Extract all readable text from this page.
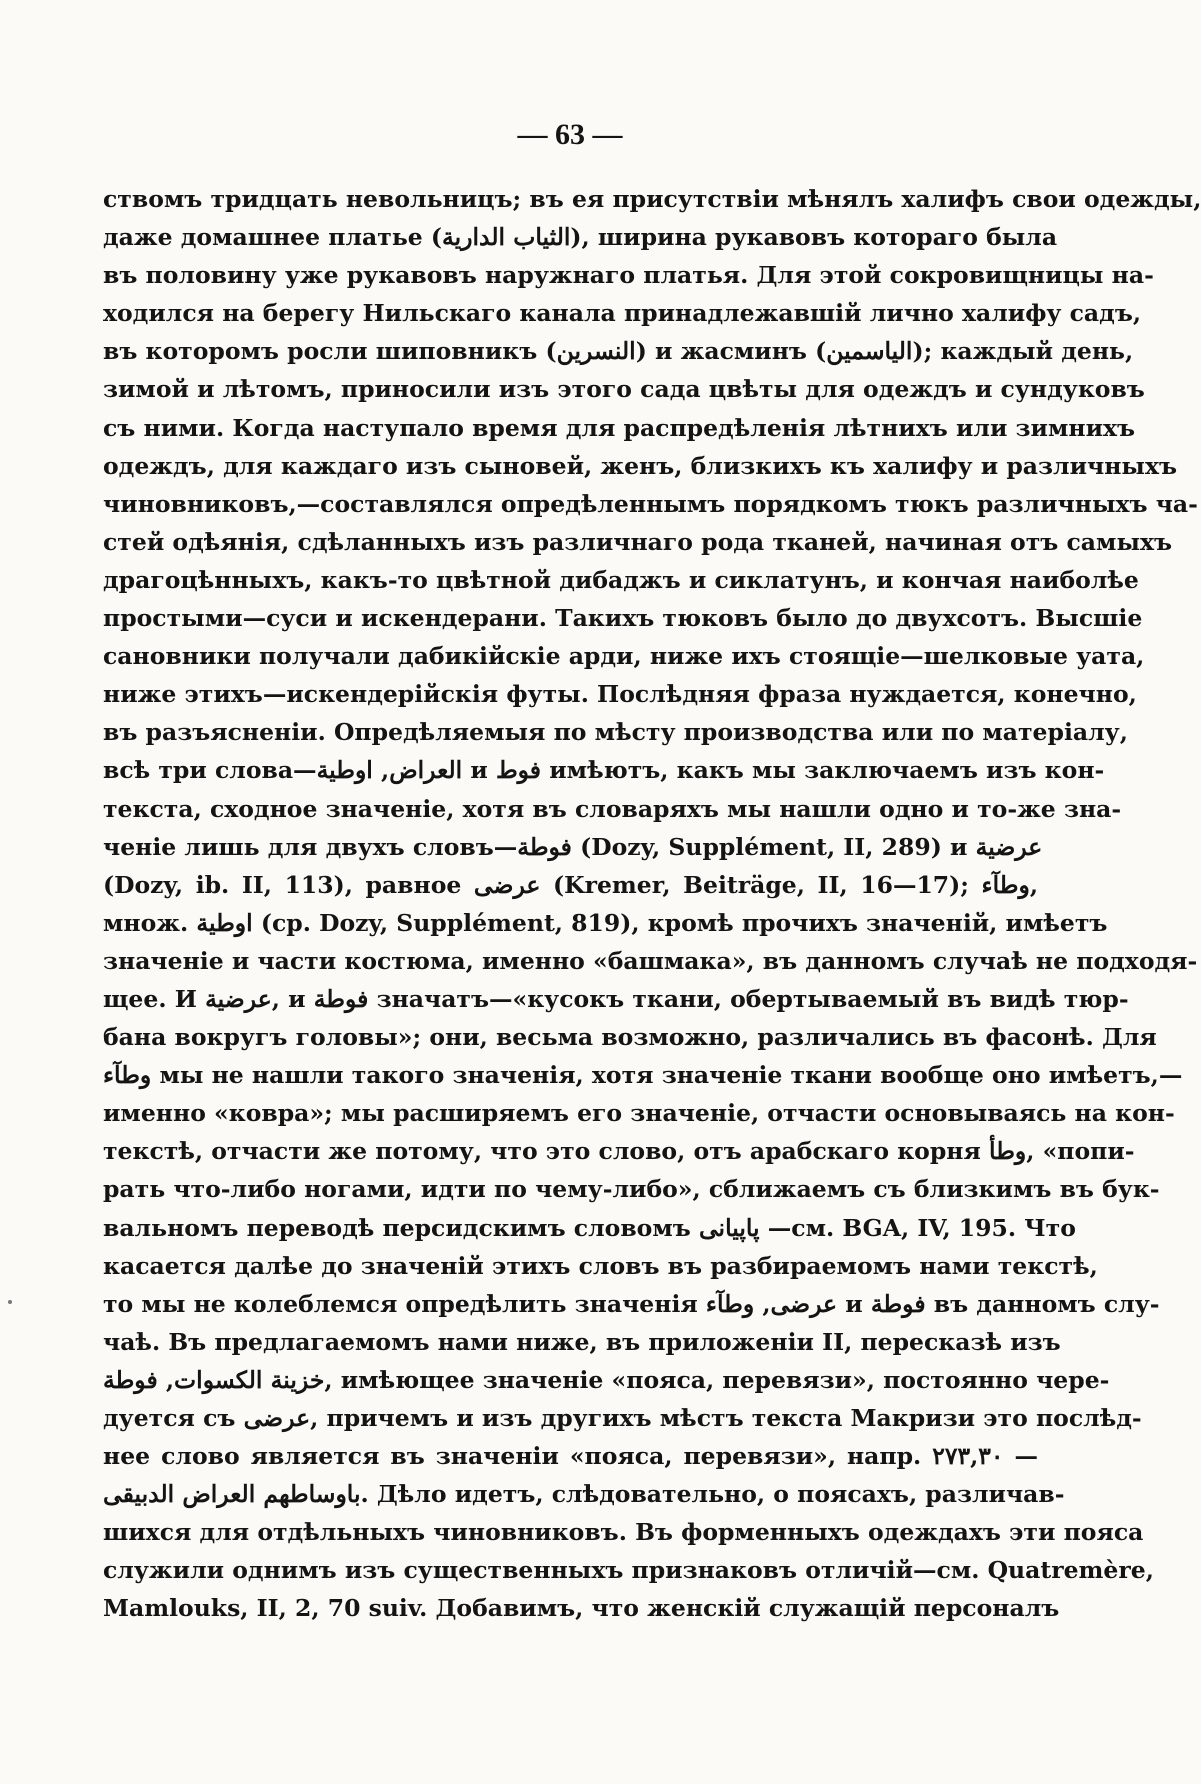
— 63 —
ствомъ тридцать невольницъ; въ ея присутствіи мѣнялъ халифъ свои одежды,
даже домашнее платье (الثياب الدارية), ширина рукавовъ котораго была
въ половину уже рукавовъ наружнаго платья. Для этой сокровищницы на-
ходился на берегу Нильскаго канала принадлежавшій лично халифу садъ,
въ которомъ росли шиповникъ (النسرين) и жасминъ (الياسمين); каждый день,
зимой и лѣтомъ, приносили изъ этого сада цвѣты для одеждъ и сундуковъ
съ ними. Когда наступало время для распредѣленія лѣтнихъ или зимнихъ
одеждъ, для каждаго изъ сыновей, женъ, близкихъ къ халифу и различныхъ
чиновниковъ,—составлялся опредѣленнымъ порядкомъ тюкъ различныхъ ча-
стей одѣянія, сдѣланныхъ изъ различнаго рода тканей, начиная отъ самыхъ
драгоцѣнныхъ, какъ-то цвѣтной дибаджъ и сиклатунъ, и кончая наиболѣе
простыми—суси и искендерани. Такихъ тюковъ было до двухсотъ. Высшіе
сановники получали дабикійскіе арди, ниже ихъ стоящіе—шелковые уата,
ниже этихъ—искендерійскія футы. Послѣдняя фраза нуждается, конечно,
въ разъясненіи. Опредѣляемыя по мѣсту производства или по матеріалу,
всѣ три слова—العراض, اوطية и فوط имѣютъ, какъ мы заключаемъ изъ кон-
текста, сходное значеніе, хотя въ словаряхъ мы нашли одно и то-же зна-
ченіе лишь для двухъ словъ—فوطة (Dozy, Supplément, II, 289) и عرضية
(Dozy, ib. II, 113), равное عرضى (Kremer, Beiträge, II, 16—17); وطآء,
множ. اوطية (ср. Dozy, Supplément, 819), кромѣ прочихъ значеній, имѣетъ
значеніе и части костюма, именно «башмака», въ данномъ случаѣ не подходя-
щее. И عرضية, и فوطة значатъ—«кусокъ ткани, обертываемый въ видѣ тюр-
бана вокругъ головы»; они, весьма возможно, различались въ фасонѣ. Для
وطآء мы не нашли такого значенія, хотя значеніе ткани вообще оно имѣетъ,—
именно «ковра»; мы расширяемъ его значеніе, отчасти основываясь на кон-
текстѣ, отчасти же потому, что это слово, отъ арабскаго корня وطأ, «попи-
рать что-либо ногами, идти по чему-либо», сближаемъ съ близкимъ въ бук-
вальномъ переводѣ персидскимъ словомъ پاپيانى —см. BGA, IV, 195. Что
касается далѣе до значеній этихъ словъ въ разбираемомъ нами текстѣ,
то мы не колеблемся опредѣлить значенія عرضى, وطآء и فوطة въ данномъ слу-
чаѣ. Въ предлагаемомъ нами ниже, въ приложеніи II, пересказѣ изъ
خزينة الكسوات, فوطة, имѣющее значеніе «пояса, перевязи», постоянно чере-
дуется съ عرضى, причемъ и изъ другихъ мѣстъ текста Макризи это послѣд-
нее слово является въ значеніи «пояса, перевязи», напр. ٢٧٣,٣٠ —
باوساطهم العراض الدبيقى. Дѣло идетъ, слѣдовательно, о поясахъ, различав-
шихся для отдѣльныхъ чиновниковъ. Въ форменныхъ одеждахъ эти пояса
служили однимъ изъ существенныхъ признаковъ отличій—см. Quatremère,
Mamlouks, II, 2, 70 suiv. Добавимъ, что женскій служащій персоналъ
